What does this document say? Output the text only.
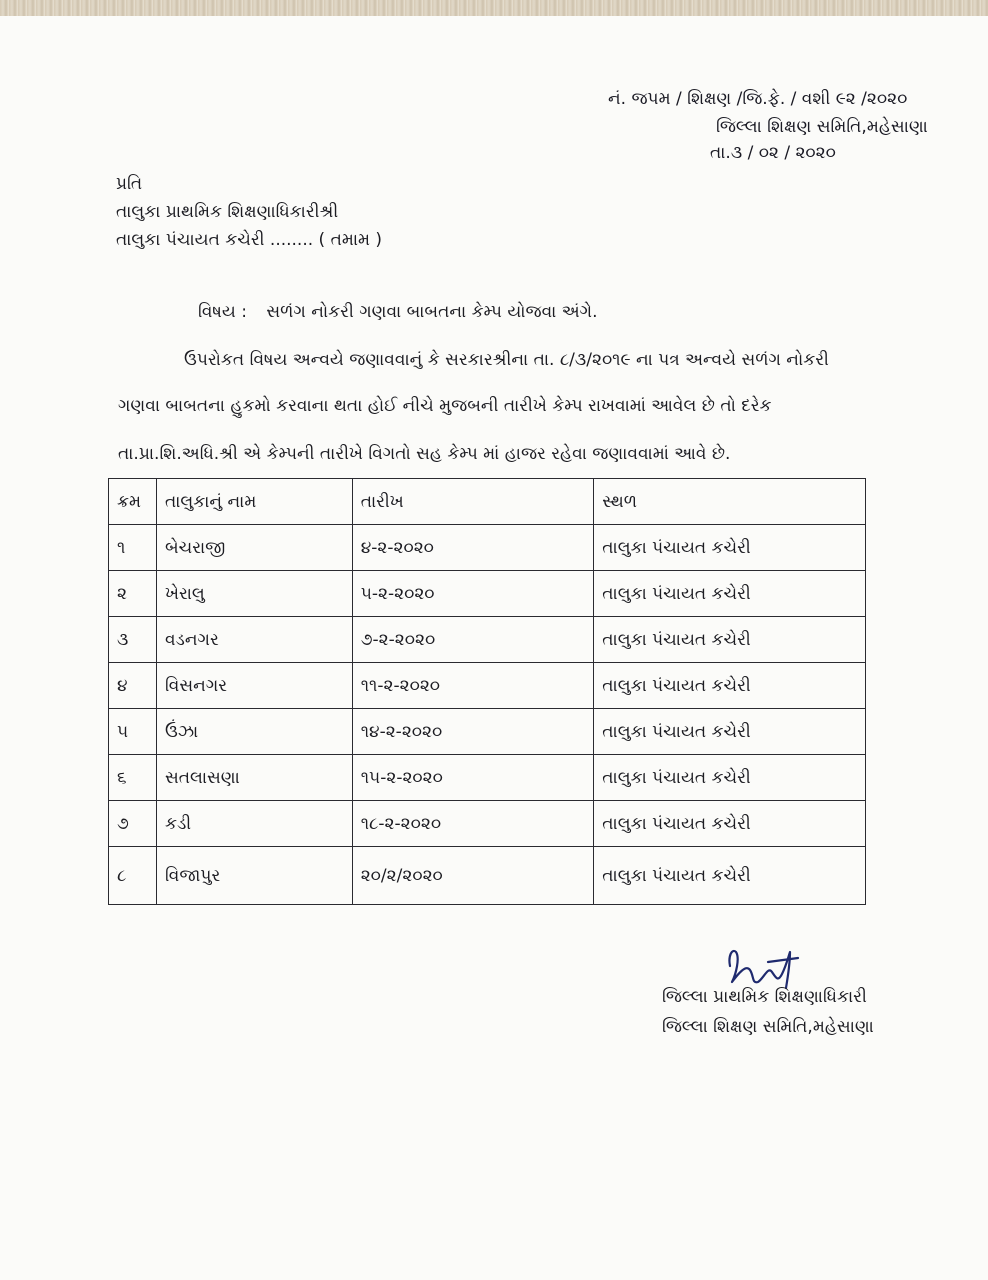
નં. જપમ / શિક્ષણ /જિ.ફે. / વશી ૯૨ /૨૦૨૦
જિલ્લા શિક્ષણ સમિતિ,મહેસાણા
તા.૩ / ૦૨ / ૨૦૨૦
પ્રતિ
તાલુકા પ્રાથમિક શિક્ષણાધિકારીશ્રી
તાલુકા પંચાયત કચેરી ........ ( તમામ )
વિષય : સળંગ નોકરી ગણવા બાબતના કેમ્પ યોજવા અંગે.
ઉપરોકત વિષય અન્વયે જણાવવાનું કે સરકારશ્રીના તા. ૮/૩/૨૦૧૯ ના પત્ર અન્વયે સળંગ નોકરી
ગણવા બાબતના હુકમો કરવાના થતા હોઈ નીચે મુજબની તારીખે કેમ્પ રાખવામાં આવેલ છે તો દરેક
તા.પ્રા.શિ.અધિ.શ્રી એ કેમ્પની તારીખે વિગતો સહ કેમ્પ માં હાજર રહેવા જણાવવામાં આવે છે.
ક્રમ	તાલુકાનું નામ	તારીખ	સ્થળ
૧	બેચરાજી	૪-૨-૨૦૨૦	તાલુકા પંચાયત કચેરી
૨	ખેરાલુ	૫-૨-૨૦૨૦	તાલુકા પંચાયત કચેરી
૩	વડનગર	૭-૨-૨૦૨૦	તાલુકા પંચાયત કચેરી
૪	વિસનગર	૧૧-૨-૨૦૨૦	તાલુકા પંચાયત કચેરી
૫	ઉંઝા	૧૪-૨-૨૦૨૦	તાલુકા પંચાયત કચેરી
૬	સતલાસણા	૧૫-૨-૨૦૨૦	તાલુકા પંચાયત કચેરી
૭	કડી	૧૮-૨-૨૦૨૦	તાલુકા પંચાયત કચેરી
૮	વિજાપુર	૨૦/૨/૨૦૨૦	તાલુકા પંચાયત કચેરી
જિલ્લા પ્રાથમિક શિક્ષણાધિકારી
જિલ્લા શિક્ષણ સમિતિ,મહેસાણા
